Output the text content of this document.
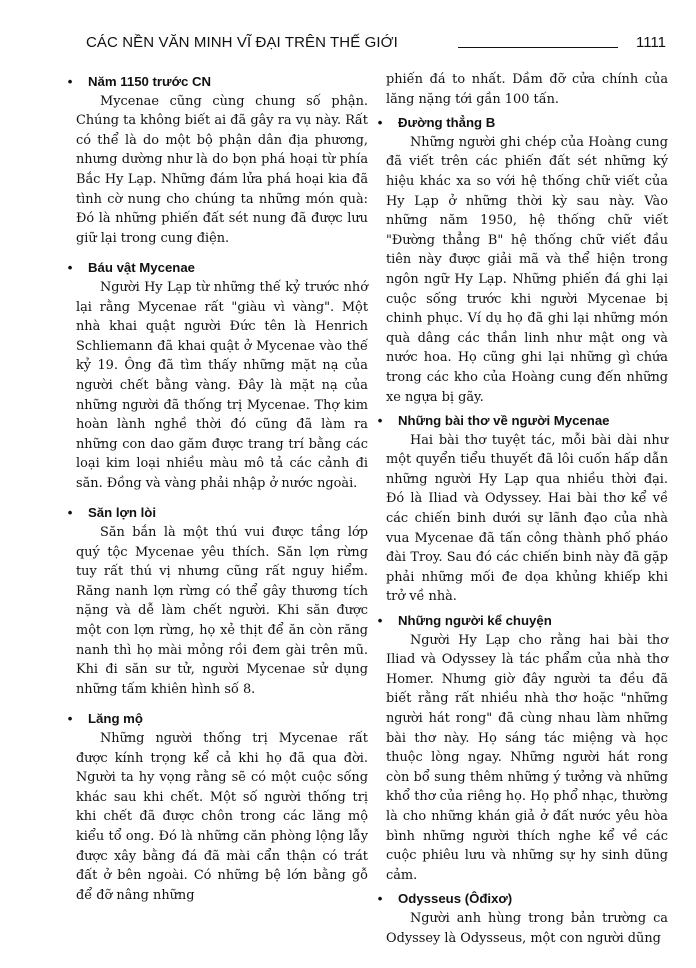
CÁC NỀN VĂN MINH VĨ ĐẠI TRÊN THẾ GIỚI	1111
• Năm 1150 trước CN

Mycenae cũng cùng chung số phận. Chúng ta không biết ai đã gây ra vụ này. Rất có thể là do một bộ phận dân địa phương, nhưng dường như là do bọn phá hoại từ phía Bắc Hy Lạp. Những đám lửa phá hoại kia đã tình cờ nung cho chúng ta những món quà: Đó là những phiến đất sét nung đã được lưu giữ lại trong cung điện.

• Báu vật Mycenae

Người Hy Lạp từ những thế kỷ trước nhớ lại rằng Mycenae rất "giàu vì vàng". Một nhà khai quật người Đức tên là Henrich Schliemann đã khai quật ở Mycenae vào thế kỷ 19. Ông đã tìm thấy những mặt nạ của người chết bằng vàng. Đây là mặt nạ của những người đã thống trị Mycenae. Thợ kim hoàn lành nghề thời đó cũng đã làm ra những con dao găm được trang trí bằng các loại kim loại nhiều màu mô tả các cảnh đi săn. Đồng và vàng phải nhập ở nước ngoài.

• Săn lợn lòi

Săn bắn là một thú vui được tầng lớp quý tộc Mycenae yêu thích. Săn lợn rừng tuy rất thú vị nhưng cũng rất nguy hiểm. Răng nanh lợn rừng có thể gây thương tích nặng và dễ làm chết người. Khi săn được một con lợn rừng, họ xẻ thịt để ăn còn răng nanh thì họ mài mỏng rồi đem gài trên mũ. Khi đi săn sư tử, người Mycenae sử dụng những tấm khiên hình số 8.

• Lăng mộ

Những người thống trị Mycenae rất được kính trọng kể cả khi họ đã qua đời. Người ta hy vọng rằng sẽ có một cuộc sống khác sau khi chết. Một số người thống trị khi chết đã được chôn trong các lăng mộ kiểu tổ ong. Đó là những căn phòng lộng lẫy được xây bằng đá đã mài cẩn thận có trát đất ở bên ngoài. Có những bệ lớn bằng gỗ để đỡ nâng những

phiến đá to nhất. Dầm đỡ cửa chính của lăng nặng tới gần 100 tấn.

• Đường thẳng B

Những người ghi chép của Hoàng cung đã viết trên các phiến đất sét những ký hiệu khác xa so với hệ thống chữ viết của Hy Lạp ở những thời kỳ sau này. Vào những năm 1950, hệ thống chữ viết "Đường thẳng B" hệ thống chữ viết đầu tiên này được giải mã và thể hiện trong ngôn ngữ Hy Lạp. Những phiến đá ghi lại cuộc sống trước khi người Mycenae bị chinh phục. Ví dụ họ đã ghi lại những món quà dâng các thần linh như mật ong và nước hoa. Họ cũng ghi lại những gì chứa trong các kho của Hoàng cung đến những xe ngựa bị gãy.

• Những bài thơ về người Mycenae

Hai bài thơ tuyệt tác, mỗi bài dài như một quyển tiểu thuyết đã lôi cuốn hấp dẫn những người Hy Lạp qua nhiều thời đại. Đó là Iliad và Odyssey. Hai bài thơ kể về các chiến binh dưới sự lãnh đạo của nhà vua Mycenae đã tấn công thành phố pháo đài Troy. Sau đó các chiến binh này đã gặp phải những mối đe dọa khủng khiếp khi trở về nhà.

• Những người kể chuyện

Người Hy Lạp cho rằng hai bài thơ Iliad và Odyssey là tác phẩm của nhà thơ Homer. Nhưng giờ đây người ta đều đã biết rằng rất nhiều nhà thơ hoặc "những người hát rong" đã cùng nhau làm những bài thơ này. Họ sáng tác miệng và học thuộc lòng ngay. Những người hát rong còn bổ sung thêm những ý tưởng và những khổ thơ của riêng họ. Họ phổ nhạc, thường là cho những khán giả ở đất nước yêu hòa bình những người thích nghe kể về các cuộc phiêu lưu và những sự hy sinh dũng cảm.

• Odysseus (Ôđixơ)

Người anh hùng trong bản trường ca Odyssey là Odysseus, một con người dũng
